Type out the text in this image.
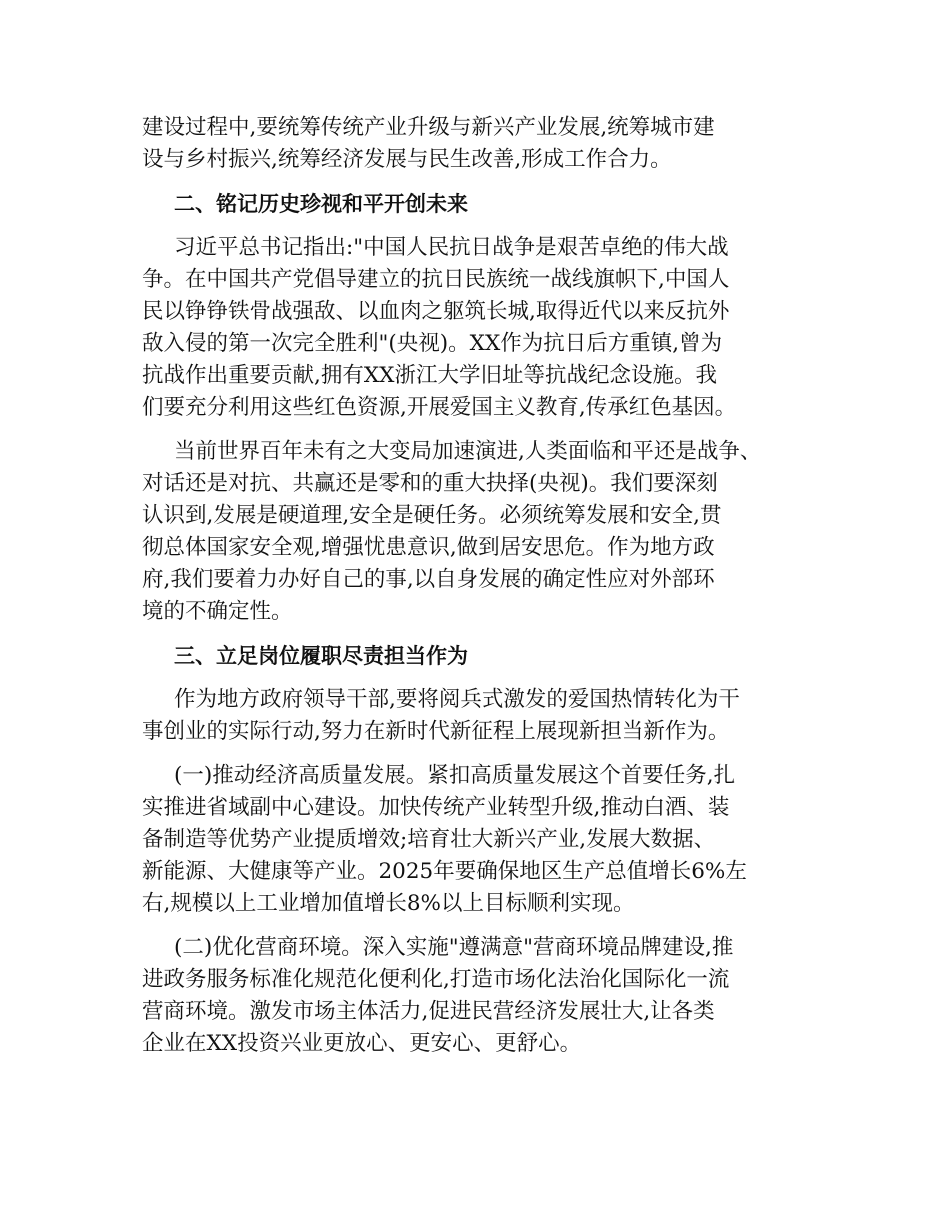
建设过程中,要统筹传统产业升级与新兴产业发展,统筹城市建
设与乡村振兴,统筹经济发展与民生改善,形成工作合力。
二、铭记历史珍视和平开创未来
习近平总书记指出:"中国人民抗日战争是艰苦卓绝的伟大战
争。在中国共产党倡导建立的抗日民族统一战线旗帜下,中国人
民以铮铮铁骨战强敌、以血肉之躯筑长城,取得近代以来反抗外
敌入侵的第一次完全胜利"(央视)。XX作为抗日后方重镇,曾为
抗战作出重要贡献,拥有XX浙江大学旧址等抗战纪念设施。我
们要充分利用这些红色资源,开展爱国主义教育,传承红色基因。
当前世界百年未有之大变局加速演进,人类面临和平还是战争、
对话还是对抗、共赢还是零和的重大抉择(央视)。我们要深刻
认识到,发展是硬道理,安全是硬任务。必须统筹发展和安全,贯
彻总体国家安全观,增强忧患意识,做到居安思危。作为地方政
府,我们要着力办好自己的事,以自身发展的确定性应对外部环
境的不确定性。
三、立足岗位履职尽责担当作为
作为地方政府领导干部,要将阅兵式激发的爱国热情转化为干
事创业的实际行动,努力在新时代新征程上展现新担当新作为。
(一)推动经济高质量发展。紧扣高质量发展这个首要任务,扎
实推进省域副中心建设。加快传统产业转型升级,推动白酒、装
备制造等优势产业提质增效;培育壮大新兴产业,发展大数据、
新能源、大健康等产业。2025年要确保地区生产总值增长6%左
右,规模以上工业增加值增长8%以上目标顺利实现。
(二)优化营商环境。深入实施"遵满意"营商环境品牌建设,推
进政务服务标准化规范化便利化,打造市场化法治化国际化一流
营商环境。激发市场主体活力,促进民营经济发展壮大,让各类
企业在XX投资兴业更放心、更安心、更舒心。
